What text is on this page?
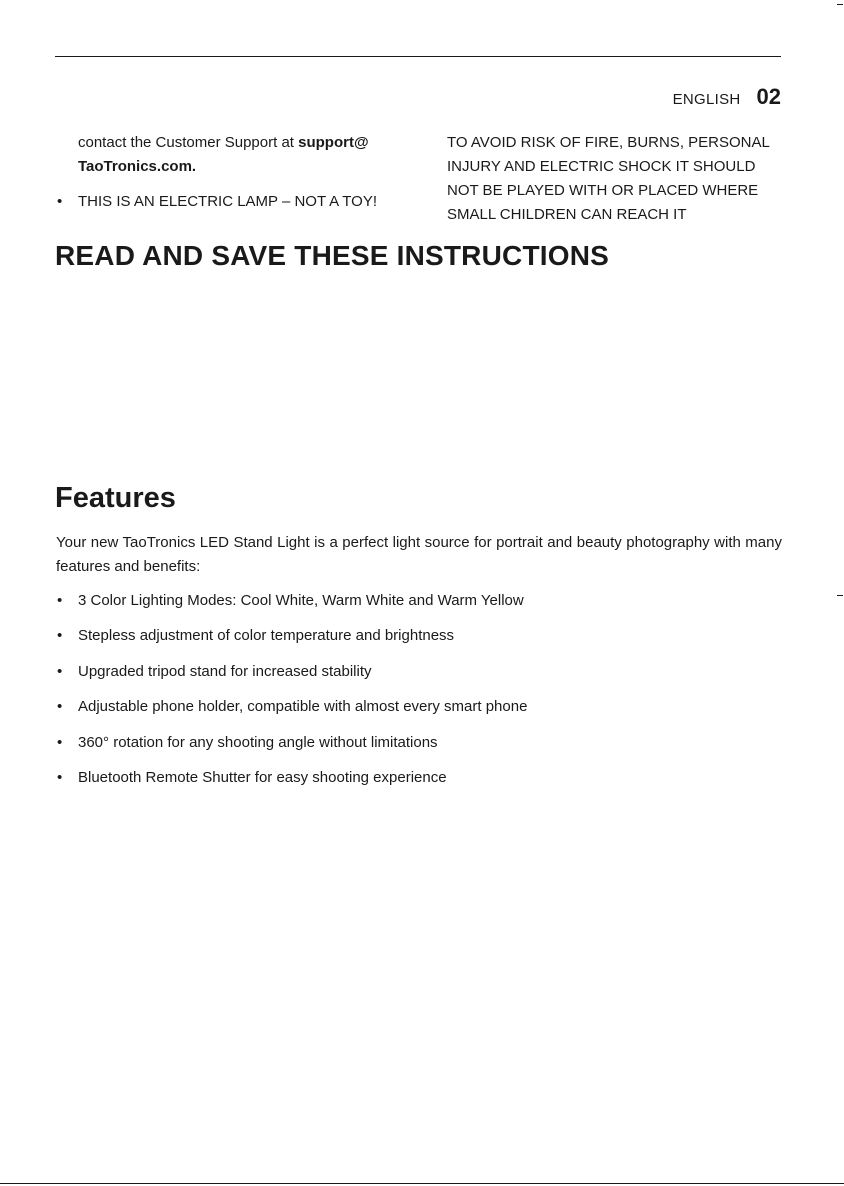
ENGLISH 02

contact the Customer Support at support@
TaoTronics.com.

• THIS IS AN ELECTRIC LAMP – NOT A TOY!

TO AVOID RISK OF FIRE, BURNS, PERSONAL

INJURY AND ELECTRIC SHOCK IT SHOULD

NOT BE PLAYED WITH OR PLACED WHERE

SMALL CHILDREN CAN REACH IT

READ AND SAVE THESE INSTRUCTIONS
Features

Your new TaoTronics LED Stand Light is a perfect light source for portrait and beauty photography with many features and benefits:

• 3 Color Lighting Modes: Cool White, Warm White and Warm Yellow
• Stepless adjustment of color temperature and brightness
• Upgraded tripod stand for increased stability
• Adjustable phone holder, compatible with almost every smart phone
• 360° rotation for any shooting angle without limitations
• Bluetooth Remote Shutter for easy shooting experience
